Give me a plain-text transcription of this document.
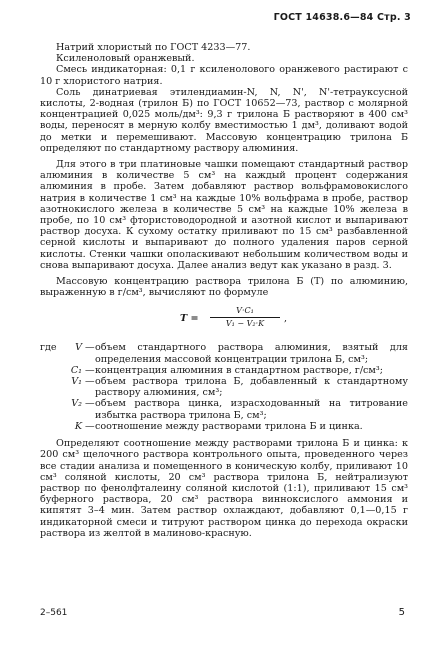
ГОСТ 14638.6—84 Стр. 3

Натрий хлористый по ГОСТ 4233—77.

Ксиленоловый оранжевый.

Смесь индикаторная: 0,1 г ксиленолового оранжевого растирают с 10 г хлористого натрия.

Соль динатриевая этилендиамин-N, N, N', N'-тетрауксусной кислоты, 2-водная (трилон Б) по ГОСТ 10652—73, раствор с молярной концентрацией 0,025 моль/дм³: 9,3 г трилона Б растворяют в 400 см³ воды, переносят в мерную колбу вместимостью 1 дм³, доливают водой до метки и перемешивают. Массовую концентрацию трилона Б определяют по стандартному раствору алюминия.

Для этого в три платиновые чашки помещают стандартный раствор алюминия в количестве 5 см³ на каждый процент содержания алюминия в пробе. Затем добавляют раствор вольфрамовокислого натрия в количестве 1 см³ на каждые 10% вольфрама в пробе, раствор азотнокислого железа в количестве 5 см³ на каждые 10% железа в пробе, по 10 см³ фтористоводородной и азотной кислот и выпаривают раствор досуха. К сухому остатку приливают по 15 см³ разбавленной серной кислоты и выпаривают до полного удаления паров серной кислоты. Стенки чашки ополаскивают небольшим количеством воды и снова выпаривают досуха. Далее анализ ведут как указано в разд. 3.

Массовую концентрацию раствора трилона Б (T) по алюминию, выраженную в г/см³, вычисляют по формуле

T =
V·C₁
V₁ − V₂·K	,
где	V	—	объем стандартного раствора алюминия, взятый для определения массовой концентрации трилона Б, см³;
	C₁	—	концентрация алюминия в стандартном растворе, г/см³;
	V₁	—	объем раствора трилона Б, добавленный к стандартному раствору алюминия, см³;
	V₂	—	объем раствора цинка, израсходованный на титрование избытка раствора трилона Б, см³;
	K	—	соотношение между растворами трилона Б и цинка.

Определяют соотношение между растворами трилона Б и цинка: к 200 см³ щелочного раствора контрольного опыта, проведенного через все стадии анализа и помещенного в коническую колбу, приливают 10 см³ соляной кислоты, 20 см³ раствора трилона Б, нейтрализуют раствор по фенолфталеину соляной кислотой (1:1), приливают 15 см³ буферного раствора, 20 см³ раствора винноксиcлого аммония и кипятят 3–4 мин. Затем раствор охлаждают, добавляют 0,1—0,15 г индикаторной смеси и титруют раствором цинка до перехода окраски раствора из желтой в малиново-красную.

2–561	5
